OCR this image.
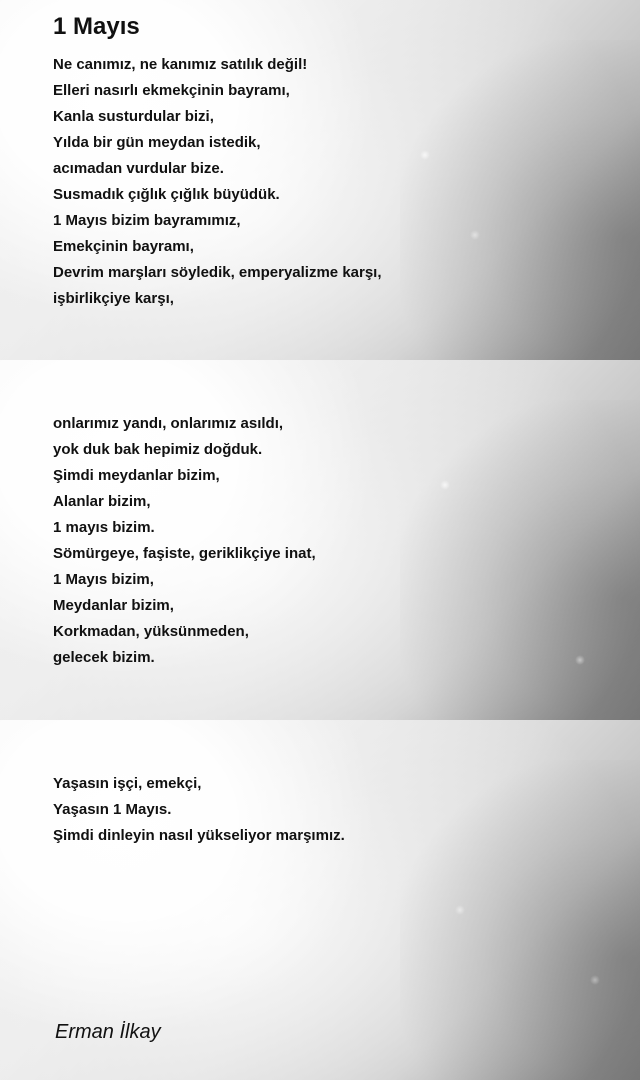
1 Mayıs
Ne canımız, ne kanımız satılık değil!
Elleri nasırlı ekmekçinin bayramı,
Kanla susturdular bizi,
Yılda bir gün meydan istedik,
acımadan vurdular bize.
Susmadık çığlık çığlık büyüdük.
1 Mayıs bizim bayramımız,
Emekçinin bayramı,
Devrim marşları söyledik, emperyalizme karşı,
işbirlikçiye karşı,
onlarımız yandı, onlarımız asıldı,
yok duk bak hepimiz doğduk.
Şimdi meydanlar bizim,
Alanlar bizim,
1 mayıs bizim.
Sömürgeye, faşiste, geriklikçiye inat,
1 Mayıs bizim,
Meydanlar bizim,
Korkmadan, yüksünmeden,
gelecek bizim.
Yaşasın işçi, emekçi,
Yaşasın 1 Mayıs.
Şimdi dinleyin nasıl yükseliyor marşımız.
Erman İlkay
